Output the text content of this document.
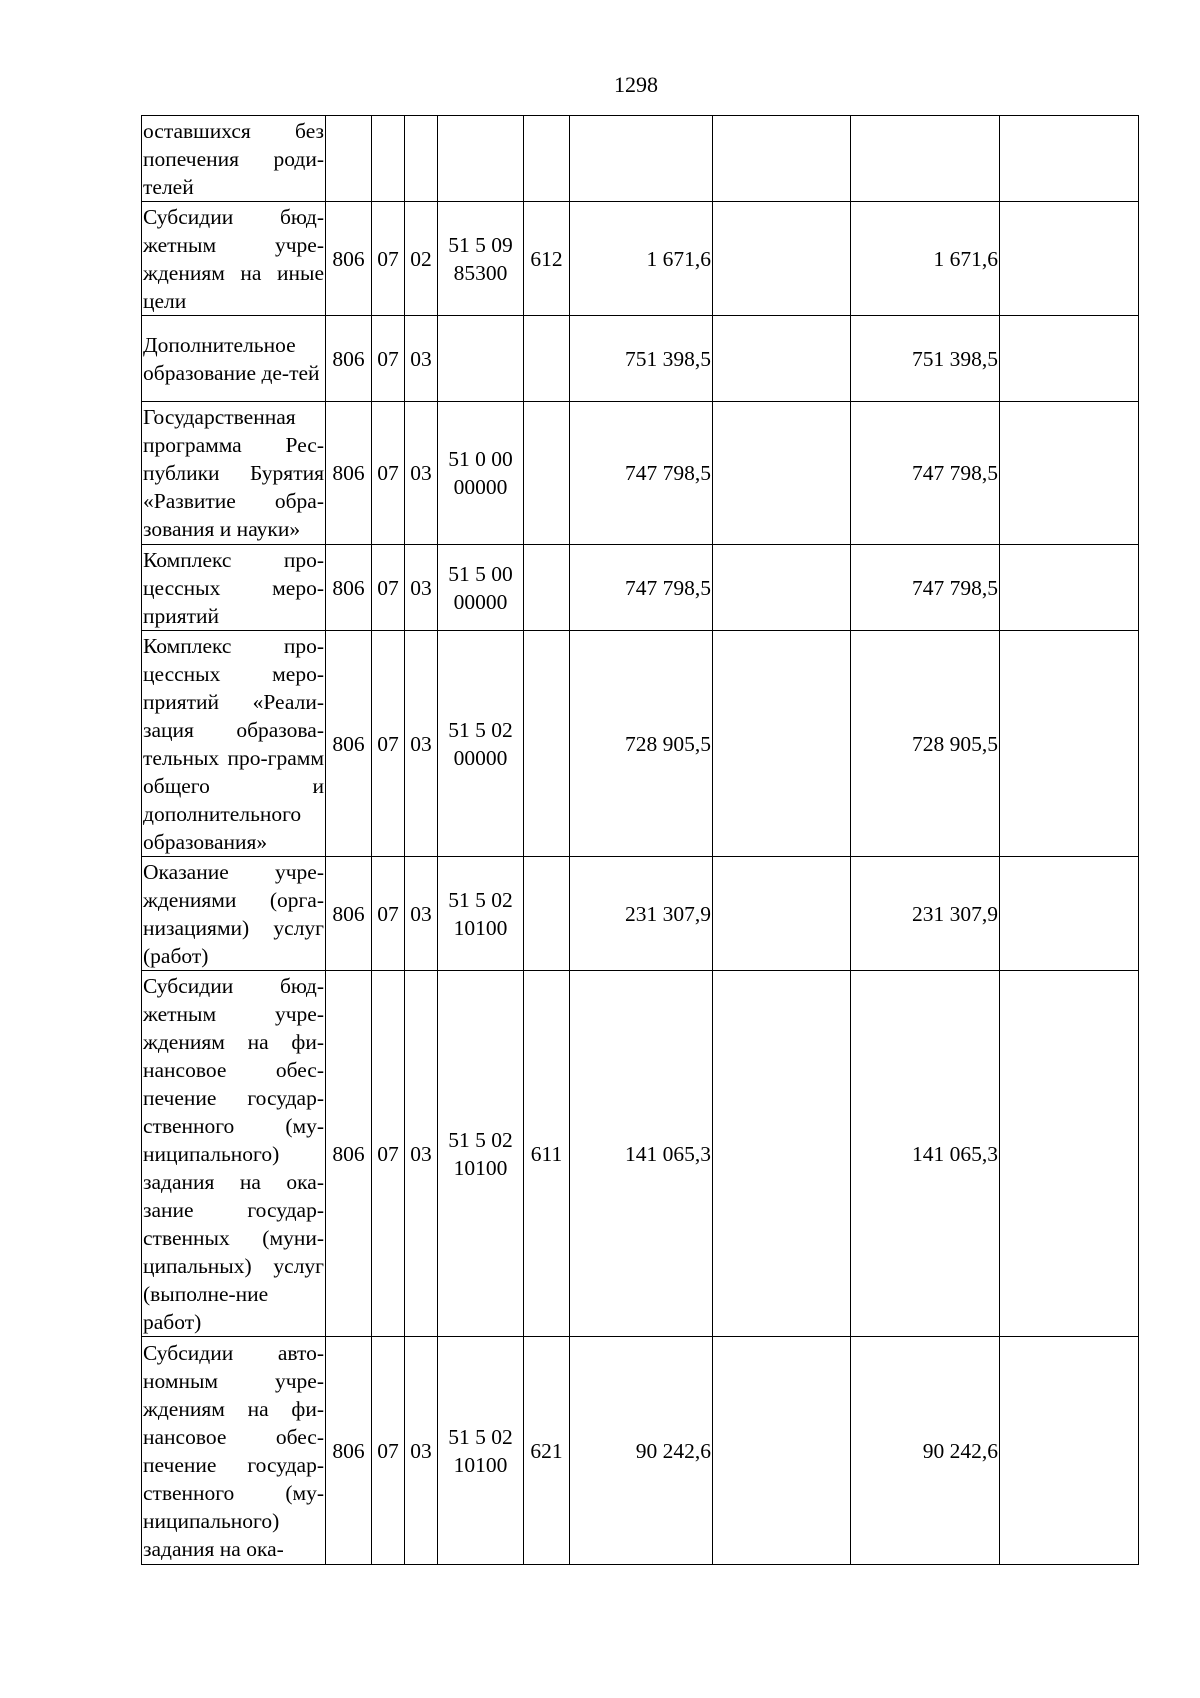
1298
оставшихся без попечения роди-телей									
Субсидии бюд-жетным учре-ждениям на иные цели	806	07	02	51 5 09 85300	612	1 671,6		1 671,6	
Дополнительное образование де-тей	806	07	03			751 398,5		751 398,5	
Государственная программа Рес-публики Бурятия «Развитие обра-зования и науки»	806	07	03	51 0 00 00000		747 798,5		747 798,5	
Комплекс про-цессных меро-приятий	806	07	03	51 5 00 00000		747 798,5		747 798,5	
Комплекс про-цессных меро-приятий «Реали-зация образова-тельных про-грамм общего и дополнительного образования»	806	07	03	51 5 02 00000		728 905,5		728 905,5	
Оказание учре-ждениями (орга-низациями) услуг (работ)	806	07	03	51 5 02 10100		231 307,9		231 307,9	
Субсидии бюд-жетным учре-ждениям на фи-нансовое обес-печение государ-ственного (му-ниципального) задания на ока-зание государ-ственных (муни-ципальных) услуг (выполне-ние работ)	806	07	03	51 5 02 10100	611	141 065,3		141 065,3	
Субсидии авто-номным учре-ждениям на фи-нансовое обес-печение государ-ственного (му-ниципального) задания на ока-	806	07	03	51 5 02 10100	621	90 242,6		90 242,6	
